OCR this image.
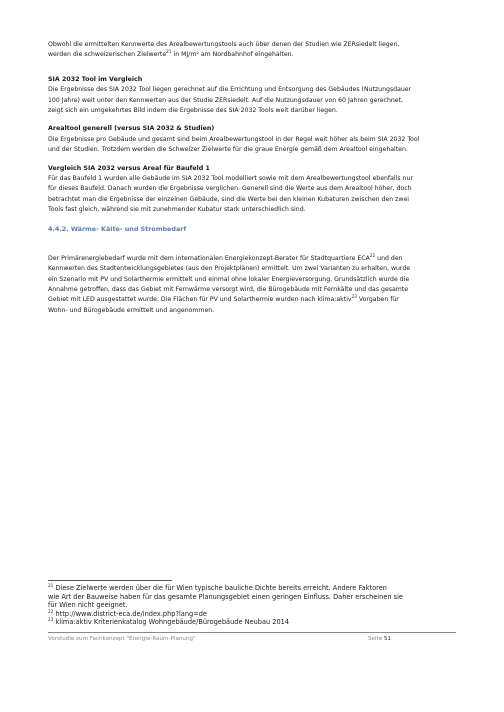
Obwohl die ermittelten Kennwerte des Arealbewertungstools auch über denen der Studien wie ZERsiedelt liegen,
werden die schweizerischen Zielwerte$^{21}$ in MJ/m² am Nordbahnhof eingehalten.

SIA 2032 Tool im Vergleich

Die Ergebnisse des SIA 2032 Tool liegen gerechnet auf die Errichtung und Entsorgung des Gebäudes (Nutzungsdauer
100 Jahre) weit unter den Kennwerten aus der Studie ZERsiedelt. Auf die Nutzungsdauer von 60 Jahren gerechnet,
zeigt sich ein umgekehrtes Bild indem die Ergebnisse des SIA 2032 Tools weit darüber liegen.

Arealtool generell (versus SIA 2032 & Studien)

Die Ergebnisse pro Gebäude und gesamt sind beim Arealbewertungstool in der Regel weit höher als beim SIA 2032 Tool
und der Studien. Trotzdem werden die Schweizer Zielwerte für die graue Energie gemäß dem Arealtool eingehalten.

Vergleich SIA 2032 versus Areal für Baufeld 1

Für das Baufeld 1 wurden alle Gebäude im SIA 2032 Tool modelliert sowie mit dem Arealbewertungstool ebenfalls nur
für dieses Baufeld. Danach wurden die Ergebnisse verglichen. Generell sind die Werte aus dem Arealtool höher, doch
betrachtet man die Ergebnisse der einzelnen Gebäude, sind die Werte bei den kleinen Kubaturen zwischen den zwei
Tools fast gleich, während sie mit zunehmender Kubatur stark unterschiedlich sind.

4.4.2. Wärme- Kälte- und Strombedarf

Der Primärenergiebedarf wurde mit dem internationalen Energiekonzept-Berater für Stadtquartiere ECA$^{22}$ und den
Kennwerten des Stadtentwicklungsgebietes (aus den Projektplänen) ermittelt. Um zwei Varianten zu erhalten, wurde
ein Szenario mit PV und Solarthermie ermittelt und einmal ohne lokaler Energieversorgung. Grundsätzlich wurde die
Annahme getroffen, dass das Gebiet mit Fernwärme versorgt wird, die Bürogebäude mit Fernkälte und das gesamte
Gebiet mit LED ausgestattet wurde. Die Flächen für PV und Solarthermie wurden nach klima:aktiv$^{23}$ Vorgaben für
Wohn- und Bürogebäude ermittelt und angenommen.

$^{21}$ Diese Zielwerte werden über die für Wien typische bauliche Dichte bereits erreicht. Andere Faktoren
wie Art der Bauweise haben für das gesamte Planungsgebiet einen geringen Einfluss. Daher erscheinen sie
für Wien nicht geeignet.

$^{22}$ http://www.district-eca.de/index.php?lang=de

$^{23}$ klima:aktiv Kriterienkatalog Wohngebäude/Bürogebäude Neubau 2014

Vorstudie zum Fachkonzept "Energie-Raum-Planung"	Seite 51
